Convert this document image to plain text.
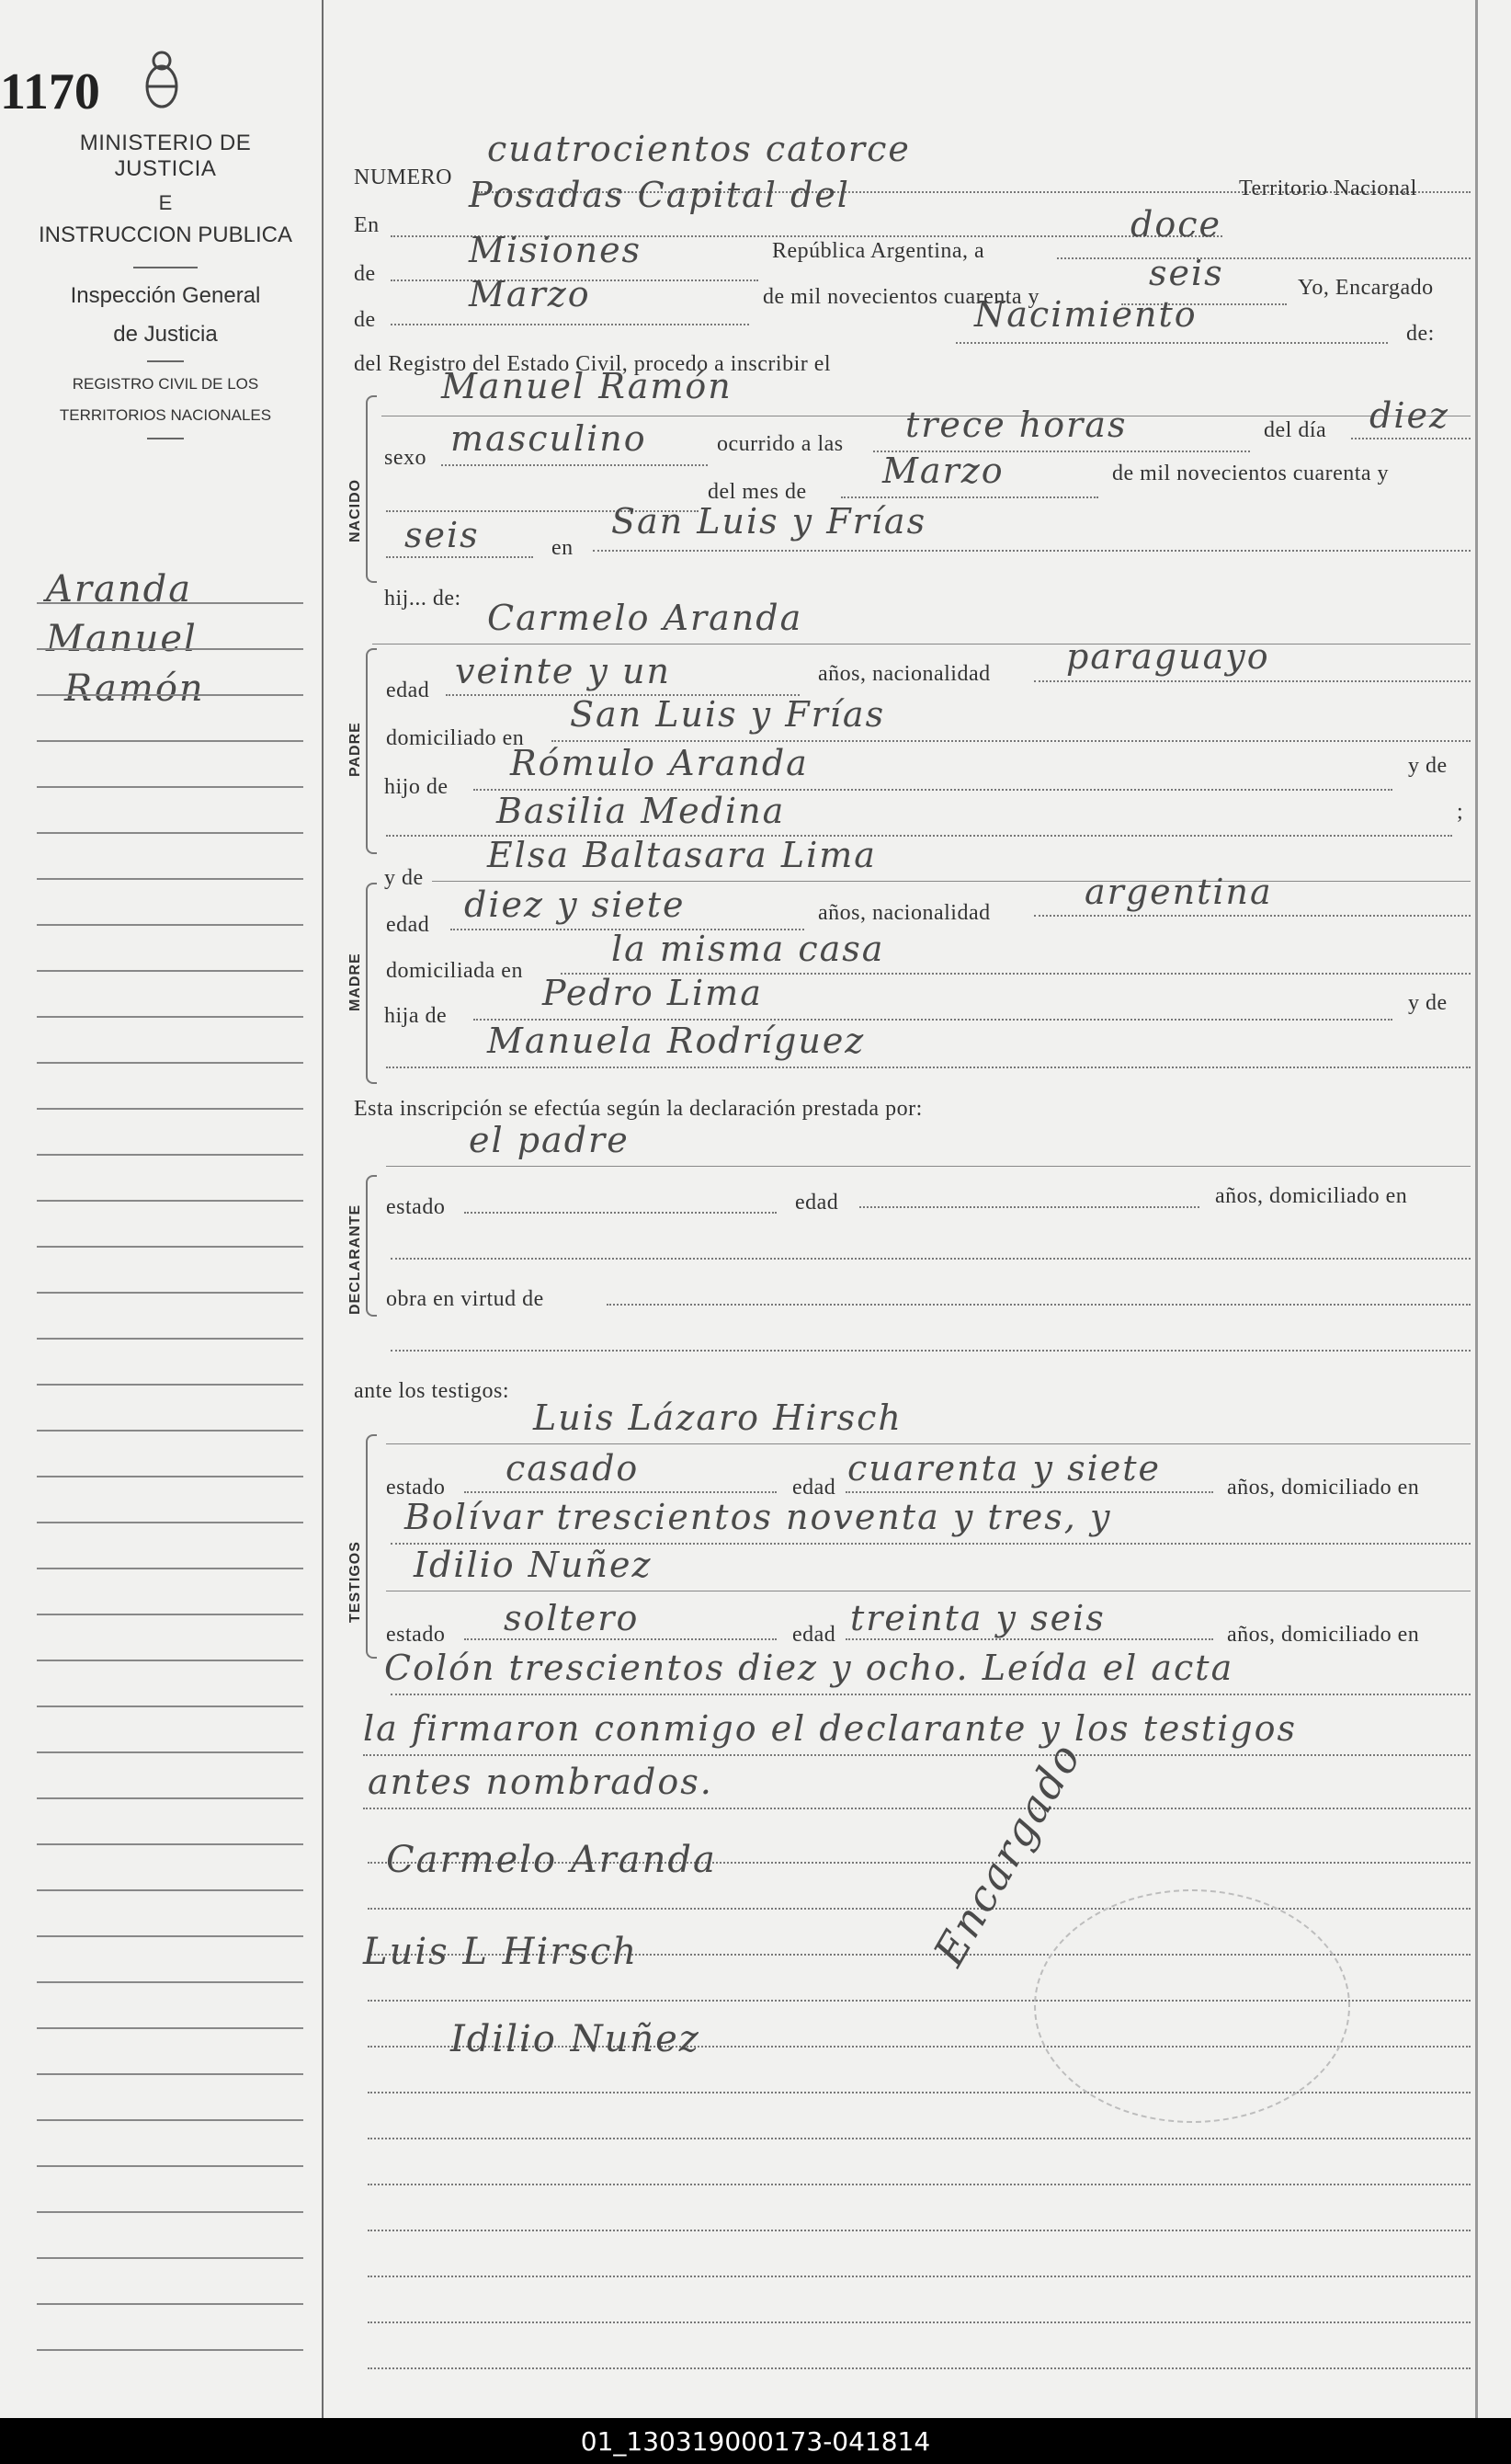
1170
MINISTERIO DE JUSTICIA
E
INSTRUCCION PUBLICA
Inspección General
de Justicia
REGISTRO CIVIL DE LOS
TERRITORIOS NACIONALES
Aranda
Manuel
Ramón
NUMERO
cuatrocientos catorce
En
Posadas Capital del	Territorio Nacional
de
Misiones	República Argentina, a
doce
de
Marzo	de mil novecientos cuarenta y
seis	Yo, Encargado
del Registro del Estado Civil, procedo a inscribir el
Nacimiento	de:
NACIDO
Manuel Ramón
sexo masculino	ocurrido a las trece horas	del día diez
del mes de
Marzo	de mil novecientos cuarenta y
seis	en
San Luis y Frías
hij... de: Carmelo Aranda
PADRE
edad veinte y un	años, nacionalidad paraguayo
domiciliado en
San Luis y Frías
hijo de
Rómulo Aranda	y de
Basilia Medina	;
y de
Elsa Baltasara Lima
MADRE
edad diez y siete	años, nacionalidad
argentina
domiciliada en
la misma casa
hija de
Pedro Lima	y de
Manuela Rodríguez
Esta inscripción se efectúa según la declaración prestada por:
el padre
DECLARANTE estado	edad	años, domiciliado en
obra en virtud de
ante los testigos:
Luis Lázaro Hirsch
TESTIGOS
estado casado	edad cuarenta y siete	años, domiciliado en
Bolívar trescientos noventa y tres, y
Idilio Nuñez
estado soltero	edad treinta y seis	años, domiciliado en
Colón trescientos diez y ocho. Leída el acta
la firmaron conmigo el declarante y los testigos
antes nombrados.
Carmelo Aranda
Luis L Hirsch
Idilio Nuñez
Encargado
01_130319000173-041814
